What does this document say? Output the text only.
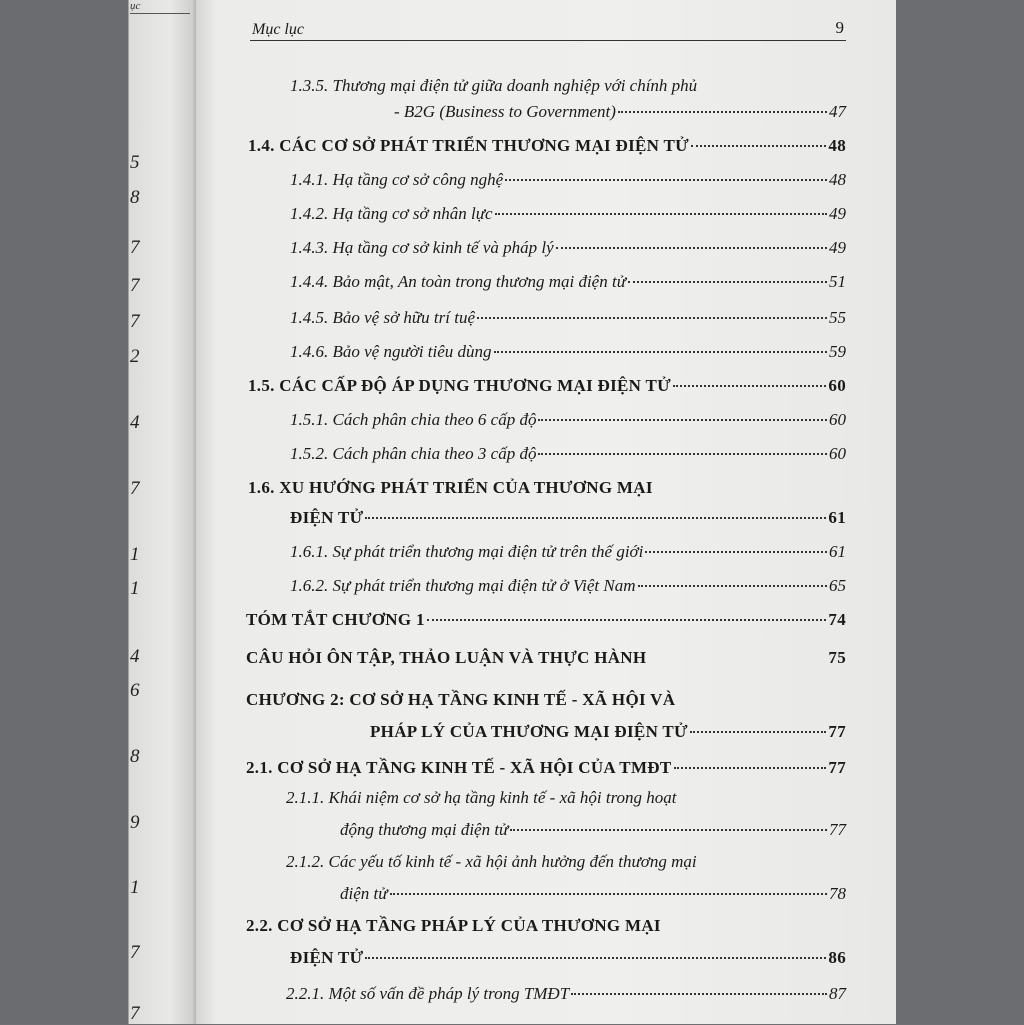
ục
5
8
7
7
7
2
4
7
1
1
4
6
8
9
1
7
7
Mục lục	9
1.3.5. Thương mại điện tử giữa doanh nghiệp với chính phủ
- B2G (Business to Government)	47
1.4. CÁC CƠ SỞ PHÁT TRIỂN THƯƠNG MẠI ĐIỆN TỬ	48
1.4.1. Hạ tầng cơ sở công nghệ	48
1.4.2. Hạ tầng cơ sở nhân lực	49
1.4.3. Hạ tầng cơ sở kinh tế và pháp lý	49
1.4.4. Bảo mật, An toàn trong thương mại điện tử	51
1.4.5. Bảo vệ sở hữu trí tuệ	55
1.4.6. Bảo vệ người tiêu dùng	59
1.5. CÁC CẤP ĐỘ ÁP DỤNG THƯƠNG MẠI ĐIỆN TỬ	60
1.5.1. Cách phân chia theo 6 cấp độ	60
1.5.2. Cách phân chia theo 3 cấp độ	60
1.6. XU HƯỚNG PHÁT TRIỂN CỦA THƯƠNG MẠI
ĐIỆN TỬ	61
1.6.1. Sự phát triển thương mại điện tử trên thế giới	61
1.6.2. Sự phát triển thương mại điện tử ở Việt Nam	65
TÓM TẮT CHƯƠNG 1	74
CÂU HỎI ÔN TẬP, THẢO LUẬN VÀ THỰC HÀNH	75
CHƯƠNG 2: CƠ SỞ HẠ TẦNG KINH TẾ - XÃ HỘI VÀ
PHÁP LÝ CỦA THƯƠNG MẠI ĐIỆN TỬ	77
2.1. CƠ SỞ HẠ TẦNG KINH TẾ - XÃ HỘI CỦA TMĐT	77
2.1.1. Khái niệm cơ sở hạ tầng kinh tế - xã hội trong hoạt
động thương mại điện tử	77
2.1.2. Các yếu tố kinh tế - xã hội ảnh hưởng đến thương mại
điện tử	78
2.2. CƠ SỞ HẠ TẦNG PHÁP LÝ CỦA THƯƠNG MẠI
ĐIỆN TỬ	86
2.2.1. Một số vấn đề pháp lý trong TMĐT	87
